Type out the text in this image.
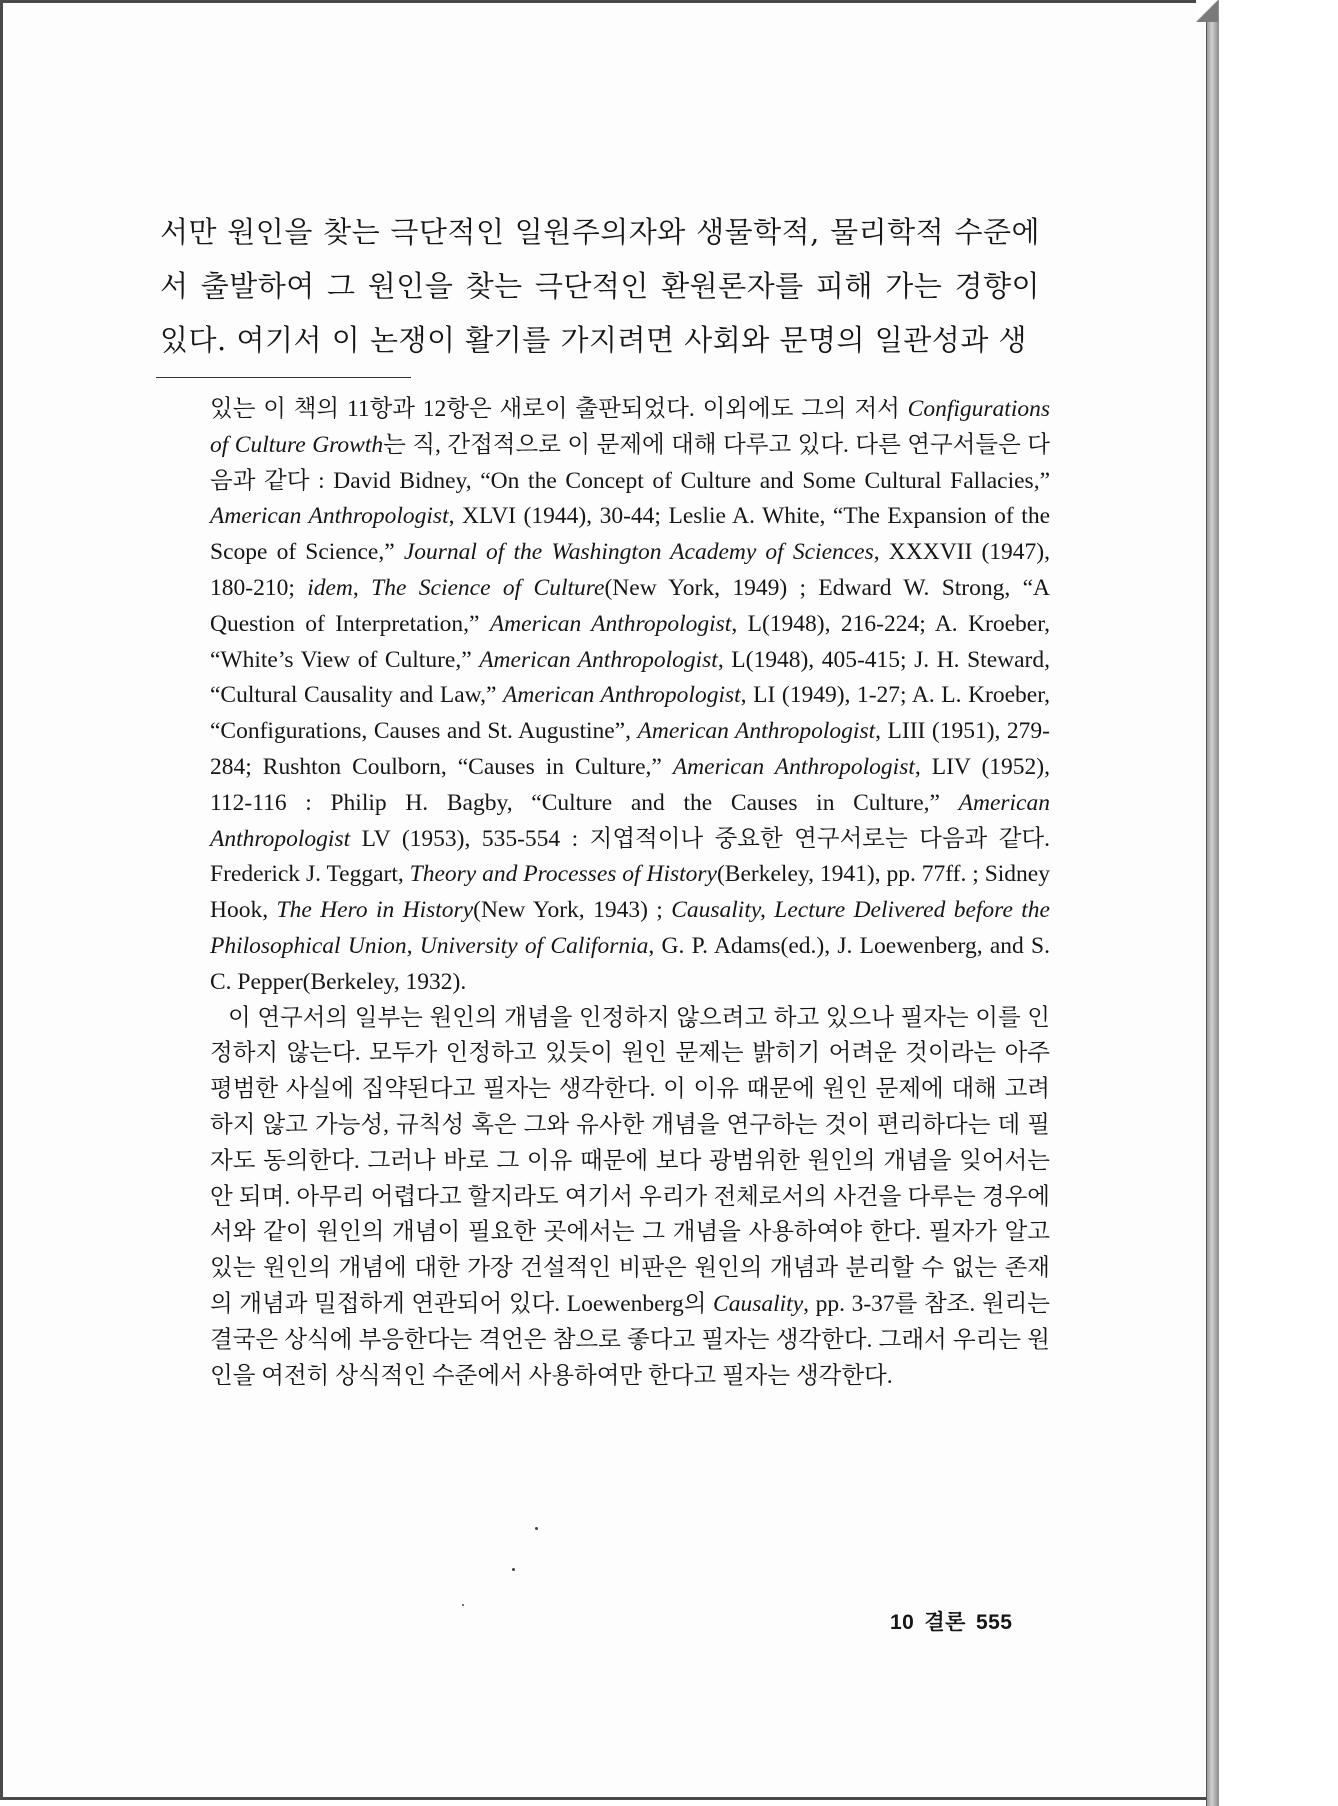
서만 원인을 찾는 극단적인 일원주의자와 생물학적, 물리학적 수준에서 출발하여 그 원인을 찾는 극단적인 환원론자를 피해 가는 경향이 있다. 여기서 이 논쟁이 활기를 가지려면 사회와 문명의 일관성과 생

있는 이 책의 11항과 12항은 새로이 출판되었다. 이외에도 그의 저서 Configurations of Culture Growth는 직, 간접적으로 이 문제에 대해 다루고 있다. 다른 연구서들은 다음과 같다 : David Bidney, “On the Concept of Culture and Some Cultural Fallacies,” American Anthropologist, XLVI (1944), 30-44; Leslie A. White, “The Expansion of the Scope of Science,” Journal of the Washington Academy of Sciences, XXXVII (1947), 180-210; idem, The Science of Culture(New York, 1949) ; Edward W. Strong, “A Question of Interpretation,” American Anthropologist, L(1948), 216-224; A. Kroeber, “White’s View of Culture,” American Anthropologist, L(1948), 405-415; J. H. Steward, “Cultural Causality and Law,” American Anthropologist, LI (1949), 1-27; A. L. Kroeber, “Configurations, Causes and St. Augustine”, American Anthropologist, LIII (1951), 279-284; Rushton Coulborn, “Causes in Culture,” American Anthropologist, LIV (1952), 112-116 : Philip H. Bagby, “Culture and the Causes in Culture,” American Anthropologist LV (1953), 535-554 : 지엽적이나 중요한 연구서로는 다음과 같다. Frederick J. Teggart, Theory and Processes of History(Berkeley, 1941), pp. 77ff. ; Sidney Hook, The Hero in History(New York, 1943) ; Causality, Lecture Delivered before the Philosophical Union, University of California, G. P. Adams(ed.), J. Loewenberg, and S. C. Pepper(Berkeley, 1932).

이 연구서의 일부는 원인의 개념을 인정하지 않으려고 하고 있으나 필자는 이를 인정하지 않는다. 모두가 인정하고 있듯이 원인 문제는 밝히기 어려운 것이라는 아주 평범한 사실에 집약된다고 필자는 생각한다. 이 이유 때문에 원인 문제에 대해 고려하지 않고 가능성, 규칙성 혹은 그와 유사한 개념을 연구하는 것이 편리하다는 데 필자도 동의한다. 그러나 바로 그 이유 때문에 보다 광범위한 원인의 개념을 잊어서는 안 되며. 아무리 어렵다고 할지라도 여기서 우리가 전체로서의 사건을 다루는 경우에서와 같이 원인의 개념이 필요한 곳에서는 그 개념을 사용하여야 한다. 필자가 알고 있는 원인의 개념에 대한 가장 건설적인 비판은 원인의 개념과 분리할 수 없는 존재의 개념과 밀접하게 연관되어 있다. Loewenberg의 Causality, pp. 3-37를 참조. 원리는 결국은 상식에 부응한다는 격언은 참으로 좋다고 필자는 생각한다. 그래서 우리는 원인을 여전히 상식적인 수준에서 사용하여만 한다고 필자는 생각한다.

10 결론 555
